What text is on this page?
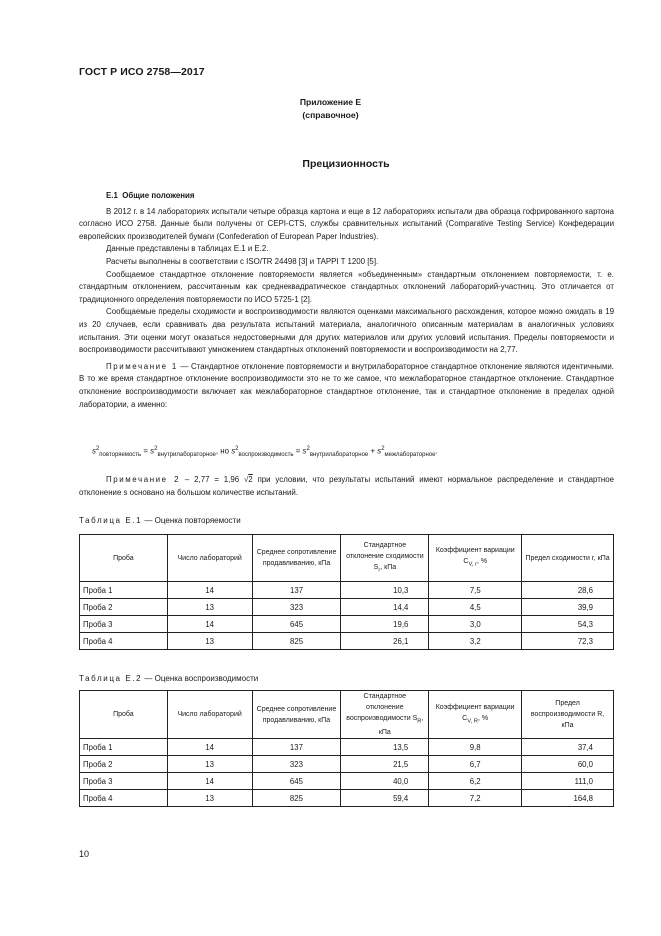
ГОСТ Р ИСО 2758—2017
Приложение Е
(справочное)
Прецизионность

Е.1 Общие положения

В 2012 г. в 14 лабораториях испытали четыре образца картона и еще в 12 лабораториях испытали два образца гофрированного картона согласно ИСО 2758. Данные были получены от CEPI-CTS, службы сравнительных испытаний (Comparative Testing Service) Конфедерации европейских производителей бумаги (Confederation of European Paper Industries).

Данные представлены в таблицах Е.1 и Е.2.

Расчеты выполнены в соответствии с ISO/TR 24498 [3] и TAPPI T 1200 [5].

Сообщаемое стандартное отклонение повторяемости является «объединенным» стандартным отклонением повторяемости, т. е. стандартным отклонением, рассчитанным как среднеквадратическое стандартных отклонений лабораторий-участниц. Это отличается от традиционного определения повторяемости по ИСО 5725-1 [2].

Сообщаемые пределы сходимости и воспроизводимости являются оценками максимального расхождения, которое можно ожидать в 19 из 20 случаев, если сравнивать два результата испытаний материала, аналогичного описанным материалам в аналогичных условиях испытания. Эти оценки могут оказаться недостоверными для других материалов или других условий испытания. Пределы повторяемости и воспроизводимости рассчитывают умножением стандартных отклонений повторяемости и воспроизводимости на 2,77.

Примечание 1 — Стандартное отклонение повторяемости и внутрилабораторное стандартное отклонение являются идентичными. В то же время стандартное отклонение воспроизводимости это не то же самое, что межлабораторное стандартное отклонение. Стандартное отклонение воспроизводимости включает как межлабораторное стандартное отклонение, так и стандартное отклонение в пределах одной лаборатории, а именно:

$s^2_{повторяемость} = s^2_{внутрилабораторное}$, но $s^2_{воспроизводимость} = s^2_{внутрилабораторное} + s^2_{межлабораторное}$.

Примечание 2 – 2,77 = 1,96 √2 при условии, что результаты испытаний имеют нормальное распределение и стандартное отклонение s основано на большом количестве испытаний.

Таблица Е.1 — Оценка повторяемости
Проба	Число лабораторий	Среднее сопротивление продавливанию, кПа	Стандартное отклонение сходимости $S_r$, кПа	Коэффициент вариации $C_{V, r}$, %	Предел сходимости r, кПа
Проба 1	14	137	10,3	7,5	28,6
Проба 2	13	323	14,4	4,5	39,9
Проба 3	14	645	19,6	3,0	54,3
Проба 4	13	825	26,1	3,2	72,3
Таблица Е.2 — Оценка воспроизводимости
Проба	Число лабораторий	Среднее сопротивление продавливанию, кПа	Стандартное отклонение воспроизводимости $S_R$, кПа	Коэффициент вариации $C_{V, R}$, %	Предел воспроизводимости R, кПа
Проба 1	14	137	13,5	9,8	37,4
Проба 2	13	323	21,5	6,7	60,0
Проба 3	14	645	40,0	6,2	111,0
Проба 4	13	825	59,4	7,2	164,8
10
